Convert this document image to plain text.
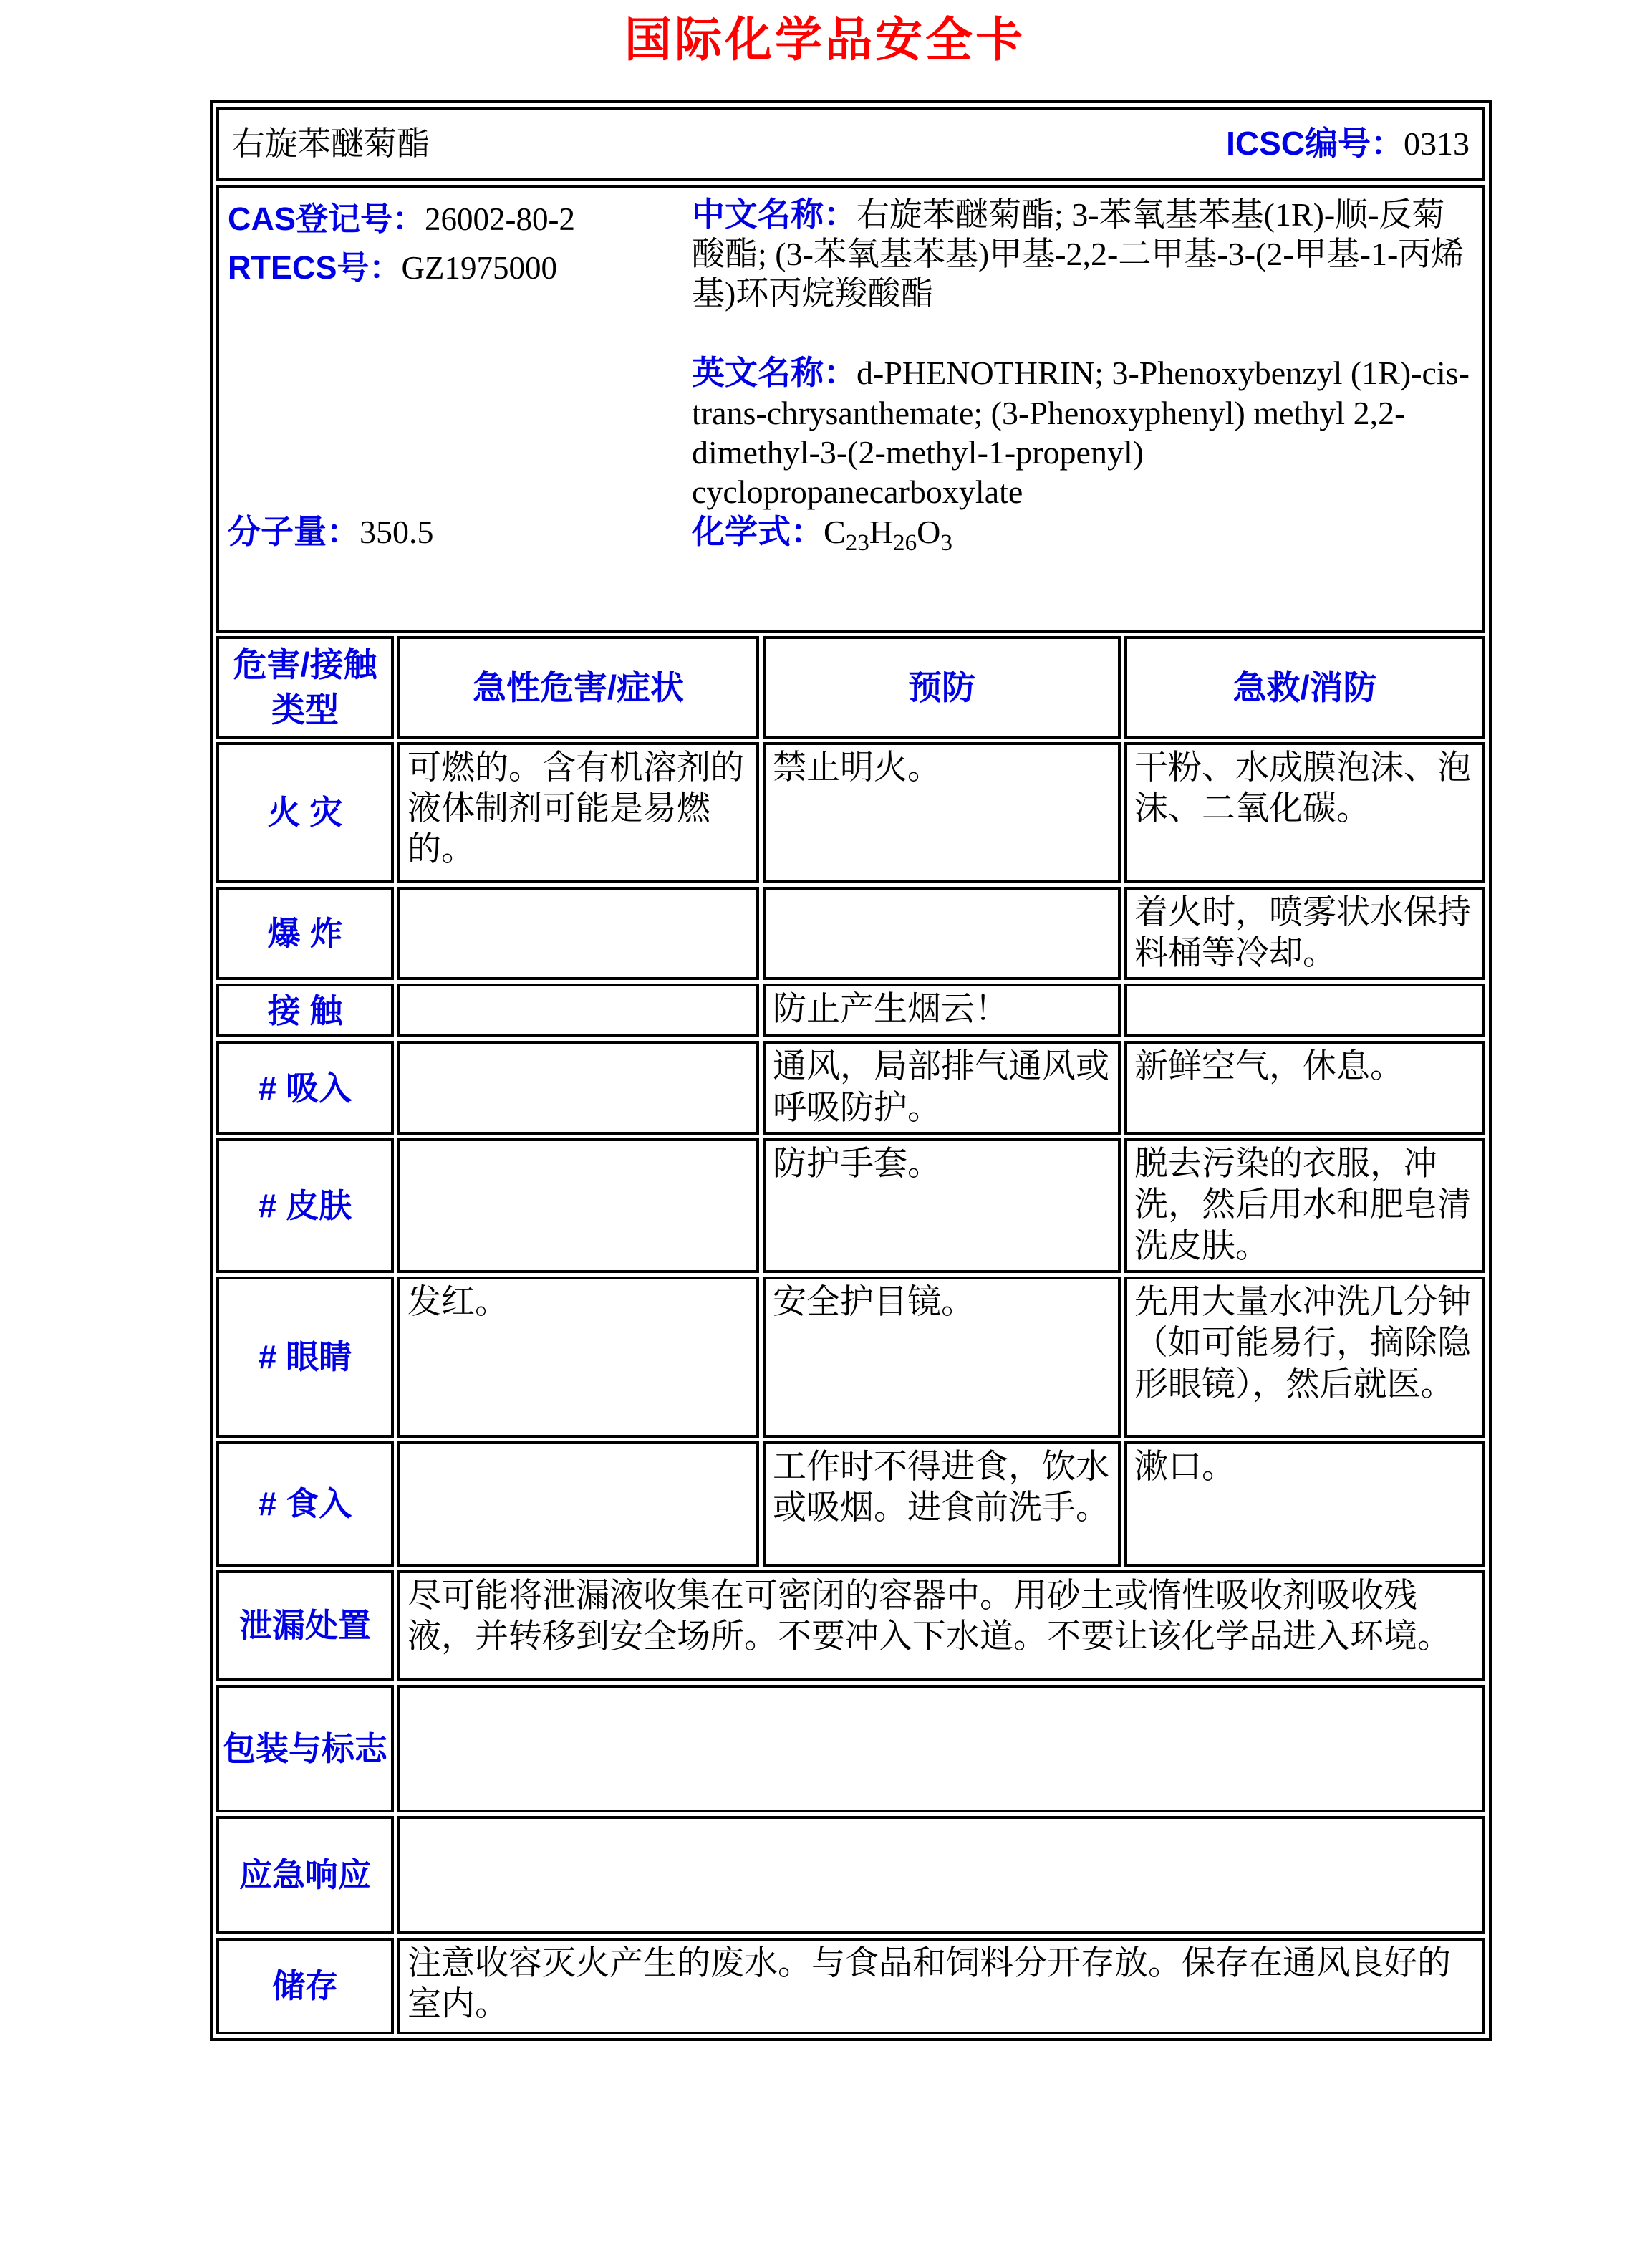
国际化学品安全卡
右旋苯醚菊酯 ICSC编号：0313			

CAS登记号：26002-80-2
RTECS号：GZ1975000

中文名称：右旋苯醚菊酯; 3-苯氧基苯基(1R)-顺-反菊酸酯; (3-苯氧基苯基)甲基-2,2-二甲基-3-(2-甲基-1-丙烯基)环丙烷羧酸酯

英文名称：d-PHENOTHRIN; 3-Phenoxybenzyl (1R)-cis-trans-chrysanthemate; (3-Phenoxyphenyl) methyl 2,2-dimethyl-3-(2-methyl-1-propenyl) cyclopropanecarboxylate

分子量：350.5	化学式：$C_{23}H_{26}O_3$

危害/接触类型	急性危害/症状	预防	急救/消防
火 灾	可燃的。含有机溶剂的液体制剂可能是易燃的。	禁止明火。	干粉、水成膜泡沫、泡沫、二氧化碳。
爆 炸			着火时，喷雾状水保持料桶等冷却。
接 触		防止产生烟云！	
# 吸入		通风，局部排气通风或呼吸防护。	新鲜空气，休息。
# 皮肤		防护手套。	脱去污染的衣服，冲洗，然后用水和肥皂清洗皮肤。
# 眼睛	发红。	安全护目镜。	先用大量水冲洗几分钟（如可能易行，摘除隐形眼镜），然后就医。
# 食入		工作时不得进食，饮水或吸烟。进食前洗手。	漱口。
泄漏处置	尽可能将泄漏液收集在可密闭的容器中。用砂土或惰性吸收剂吸收残液，并转移到安全场所。不要冲入下水道。不要让该化学品进入环境。		
包装与标志			
应急响应			
储存	注意收容灭火产生的废水。与食品和饲料分开存放。保存在通风良好的室内。		
